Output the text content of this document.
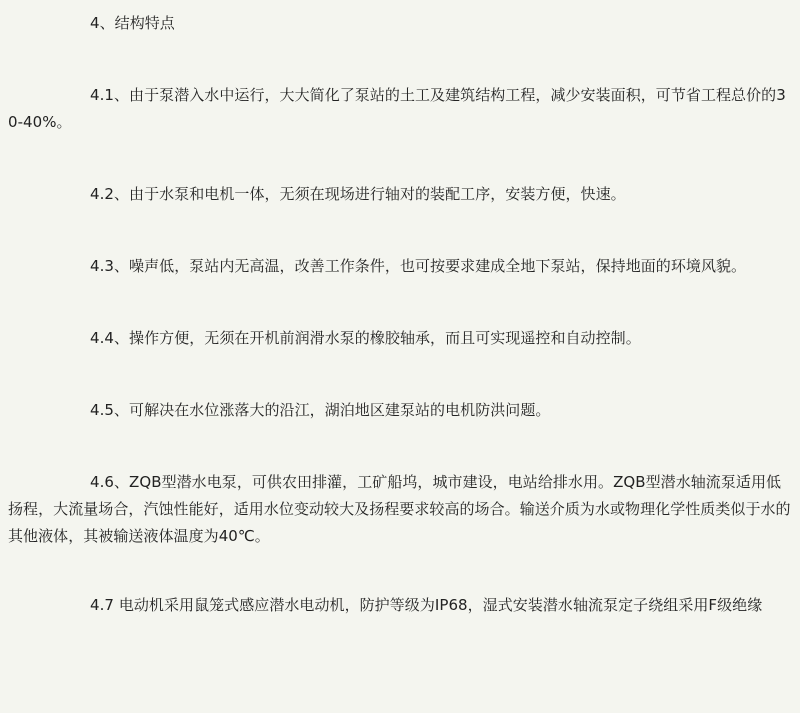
4、结构特点

4.1、由于泵潜入水中运行，大大简化了泵站的土工及建筑结构工程，减少安装面积，可节省工程总价的30-40%。

4.2、由于水泵和电机一体，无须在现场进行轴对的装配工序，安装方便，快速。

4.3、噪声低，泵站内无高温，改善工作条件，也可按要求建成全地下泵站，保持地面的环境风貌。

4.4、操作方便，无须在开机前润滑水泵的橡胶轴承，而且可实现遥控和自动控制。

4.5、可解决在水位涨落大的沿江，湖泊地区建泵站的电机防洪问题。

4.6、ZQB型潜水电泵，可供农田排灌，工矿船坞，城市建设，电站给排水用。ZQB型潜水轴流泵适用低扬程，大流量场合，汽蚀性能好，适用水位变动较大及扬程要求较高的场合。输送介质为水或物理化学性质类似于水的其他液体，其被输送液体温度为40℃。

4.7 电动机采用鼠笼式感应潜水电动机，防护等级为IP68，湿式安装潜水轴流泵定子绕组采用F级绝缘
